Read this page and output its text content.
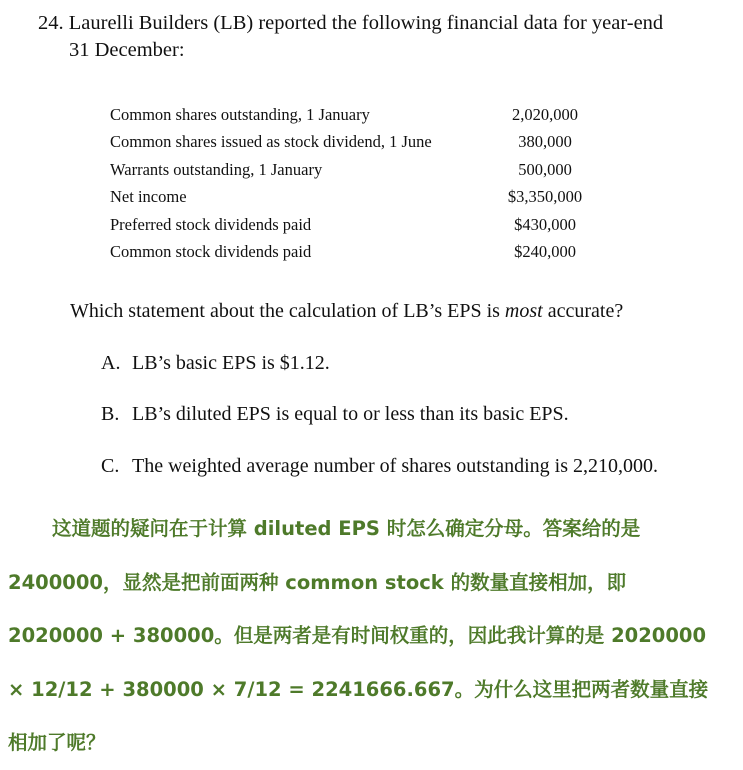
24. Laurelli Builders (LB) reported the following financial data for year-end
31 December:
Common shares outstanding, 1 January	2,020,000
Common shares issued as stock dividend, 1 June	380,000
Warrants outstanding, 1 January	500,000
Net income	$3,350,000
Preferred stock dividends paid	$430,000
Common stock dividends paid	$240,000
Which statement about the calculation of LB’s EPS is most accurate?
A. LB’s basic EPS is $1.12.
B. LB’s diluted EPS is equal to or less than its basic EPS.
C. The weighted average number of shares outstanding is 2,210,000.
这道题的疑问在于计算 diluted EPS 时怎么确定分母。答案给的是
2400000，显然是把前面两种 common stock 的数量直接相加，即
2020000 + 380000。但是两者是有时间权重的，因此我计算的是 2020000
× 12/12 + 380000 × 7/12 = 2241666.667。为什么这里把两者数量直接
相加了呢？
